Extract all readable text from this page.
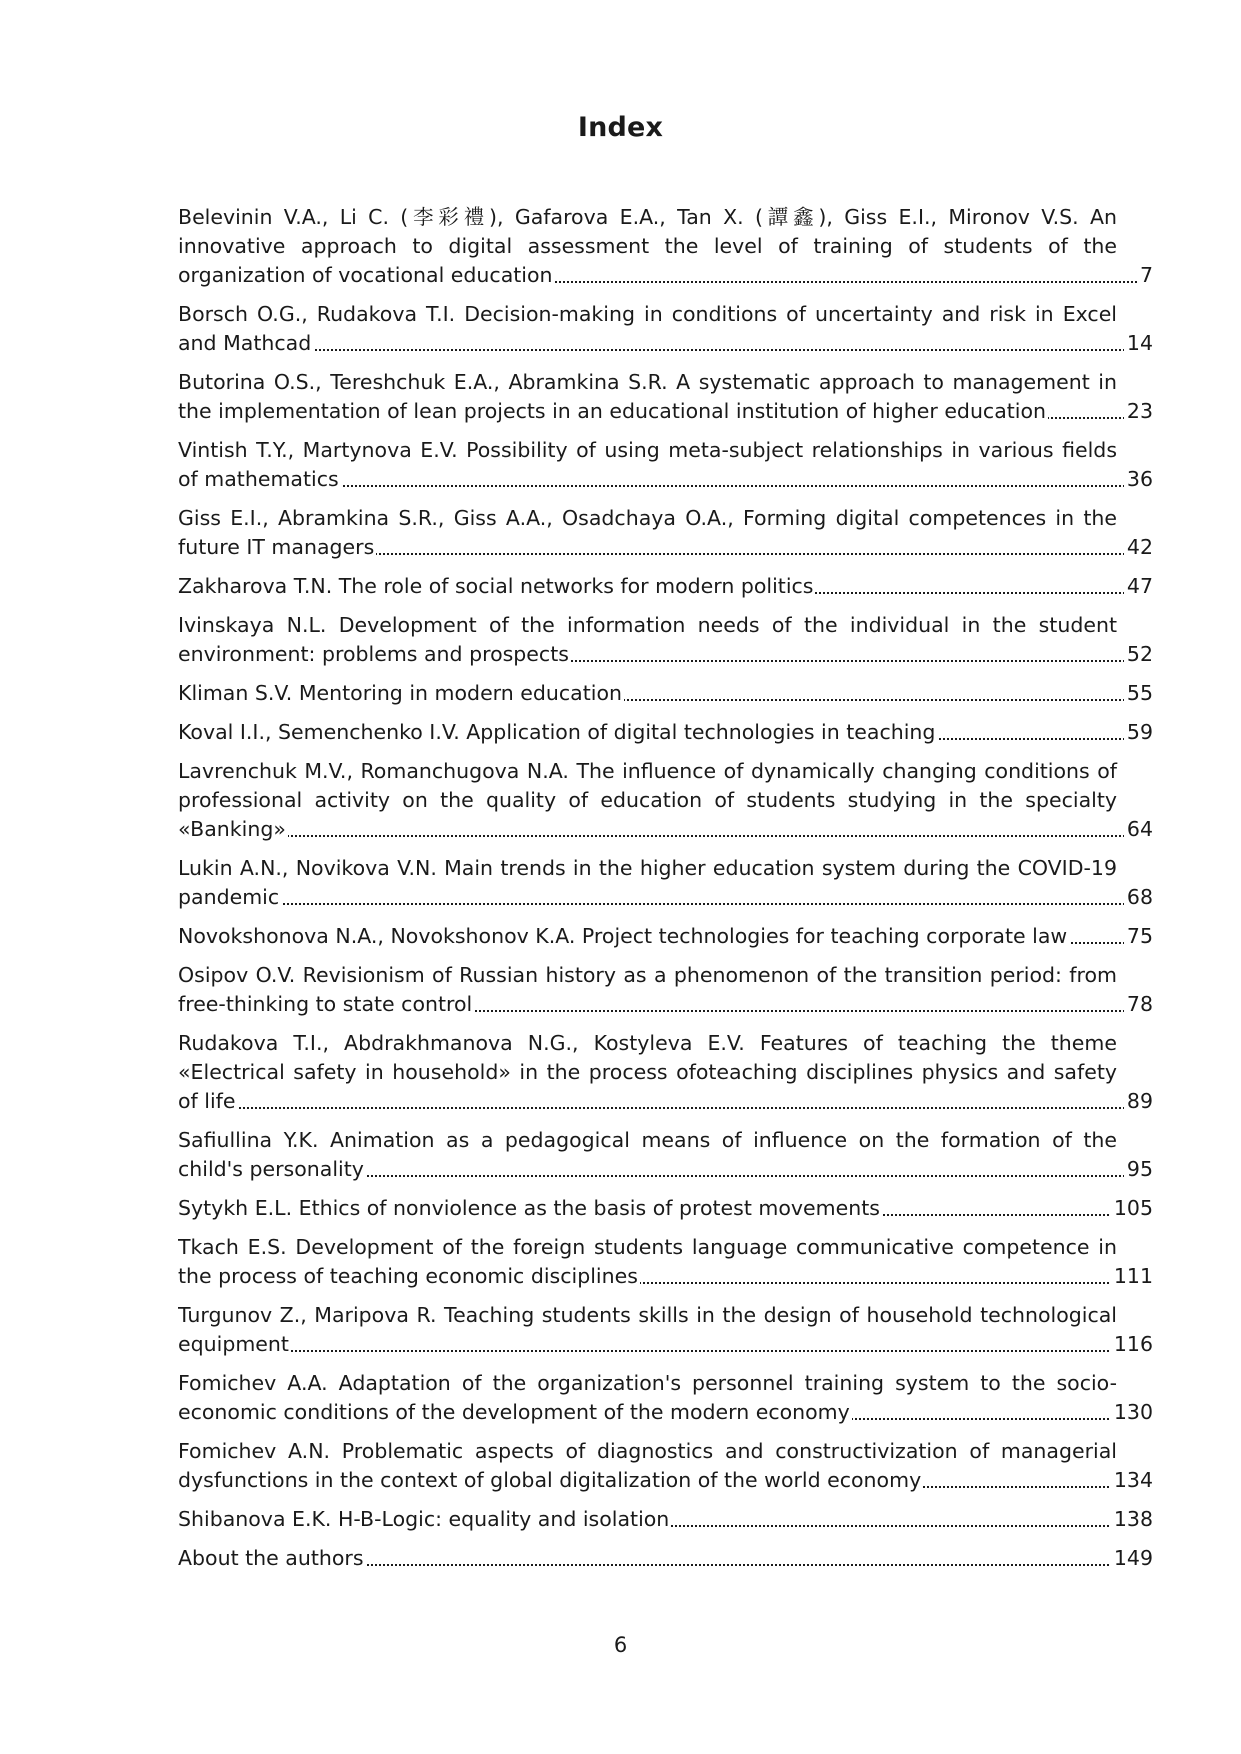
Index
Belevinin V.A., Li C. (李彩禮), Gafarova E.A., Tan X. (譚鑫), Giss E.I., Mironov V.S. An innovative approach to digital assessment the level of training of students of the organization of vocational education	7
Borsch O.G., Rudakova T.I. Decision-making in conditions of uncertainty and risk in Excel and Mathcad	14
Butorina O.S., Tereshchuk E.A., Abramkina S.R. A systematic approach to management in the implementation of lean projects in an educational institution of higher education	23
Vintish T.Y., Martynova E.V. Possibility of using meta-subject relationships in various fields of mathematics	36
Giss E.I., Abramkina S.R., Giss A.A., Osadchaya O.A., Forming digital competences in the future IT managers	42
Zakharova T.N. The role of social networks for modern politics	47
Ivinskaya N.L. Development of the information needs of the individual in the student environment: problems and prospects	52
Kliman S.V. Mentoring in modern education	55
Koval I.I., Semenchenko I.V. Application of digital technologies in teaching	59
Lavrenchuk M.V., Romanchugova N.A. The influence of dynamically changing conditions of professional activity on the quality of education of students studying in the specialty «Banking»	64
Lukin A.N., Novikova V.N. Main trends in the higher education system during the COVID-19 pandemic	68
Novokshonova N.A., Novokshonov K.A. Project technologies for teaching corporate law	75
Osipov O.V. Revisionism of Russian history as a phenomenon of the transition period: from free-thinking to state control	78
Rudakova T.I., Abdrakhmanova N.G., Kostyleva E.V. Features of teaching the theme «Electrical safety in household» in the process ofoteaching disciplines physics and safety of life	89
Safiullina Y.K. Animation as a pedagogical means of influence on the formation of the child's personality	95
Sytykh E.L. Ethics of nonviolence as the basis of protest movements	105
Tkach E.S. Development of the foreign students language communicative competence in the process of teaching economic disciplines	111
Turgunov Z., Maripova R. Teaching students skills in the design of household technological equipment	116
Fomichev A.A. Adaptation of the organization's personnel training system to the socio-economic conditions of the development of the modern economy	130
Fomichev A.N. Problematic aspects of diagnostics and constructivization of managerial dysfunctions in the context of global digitalization of the world economy	134
Shibanova E.K. H-B-Logic: equality and isolation	138
About the authors	149
6
